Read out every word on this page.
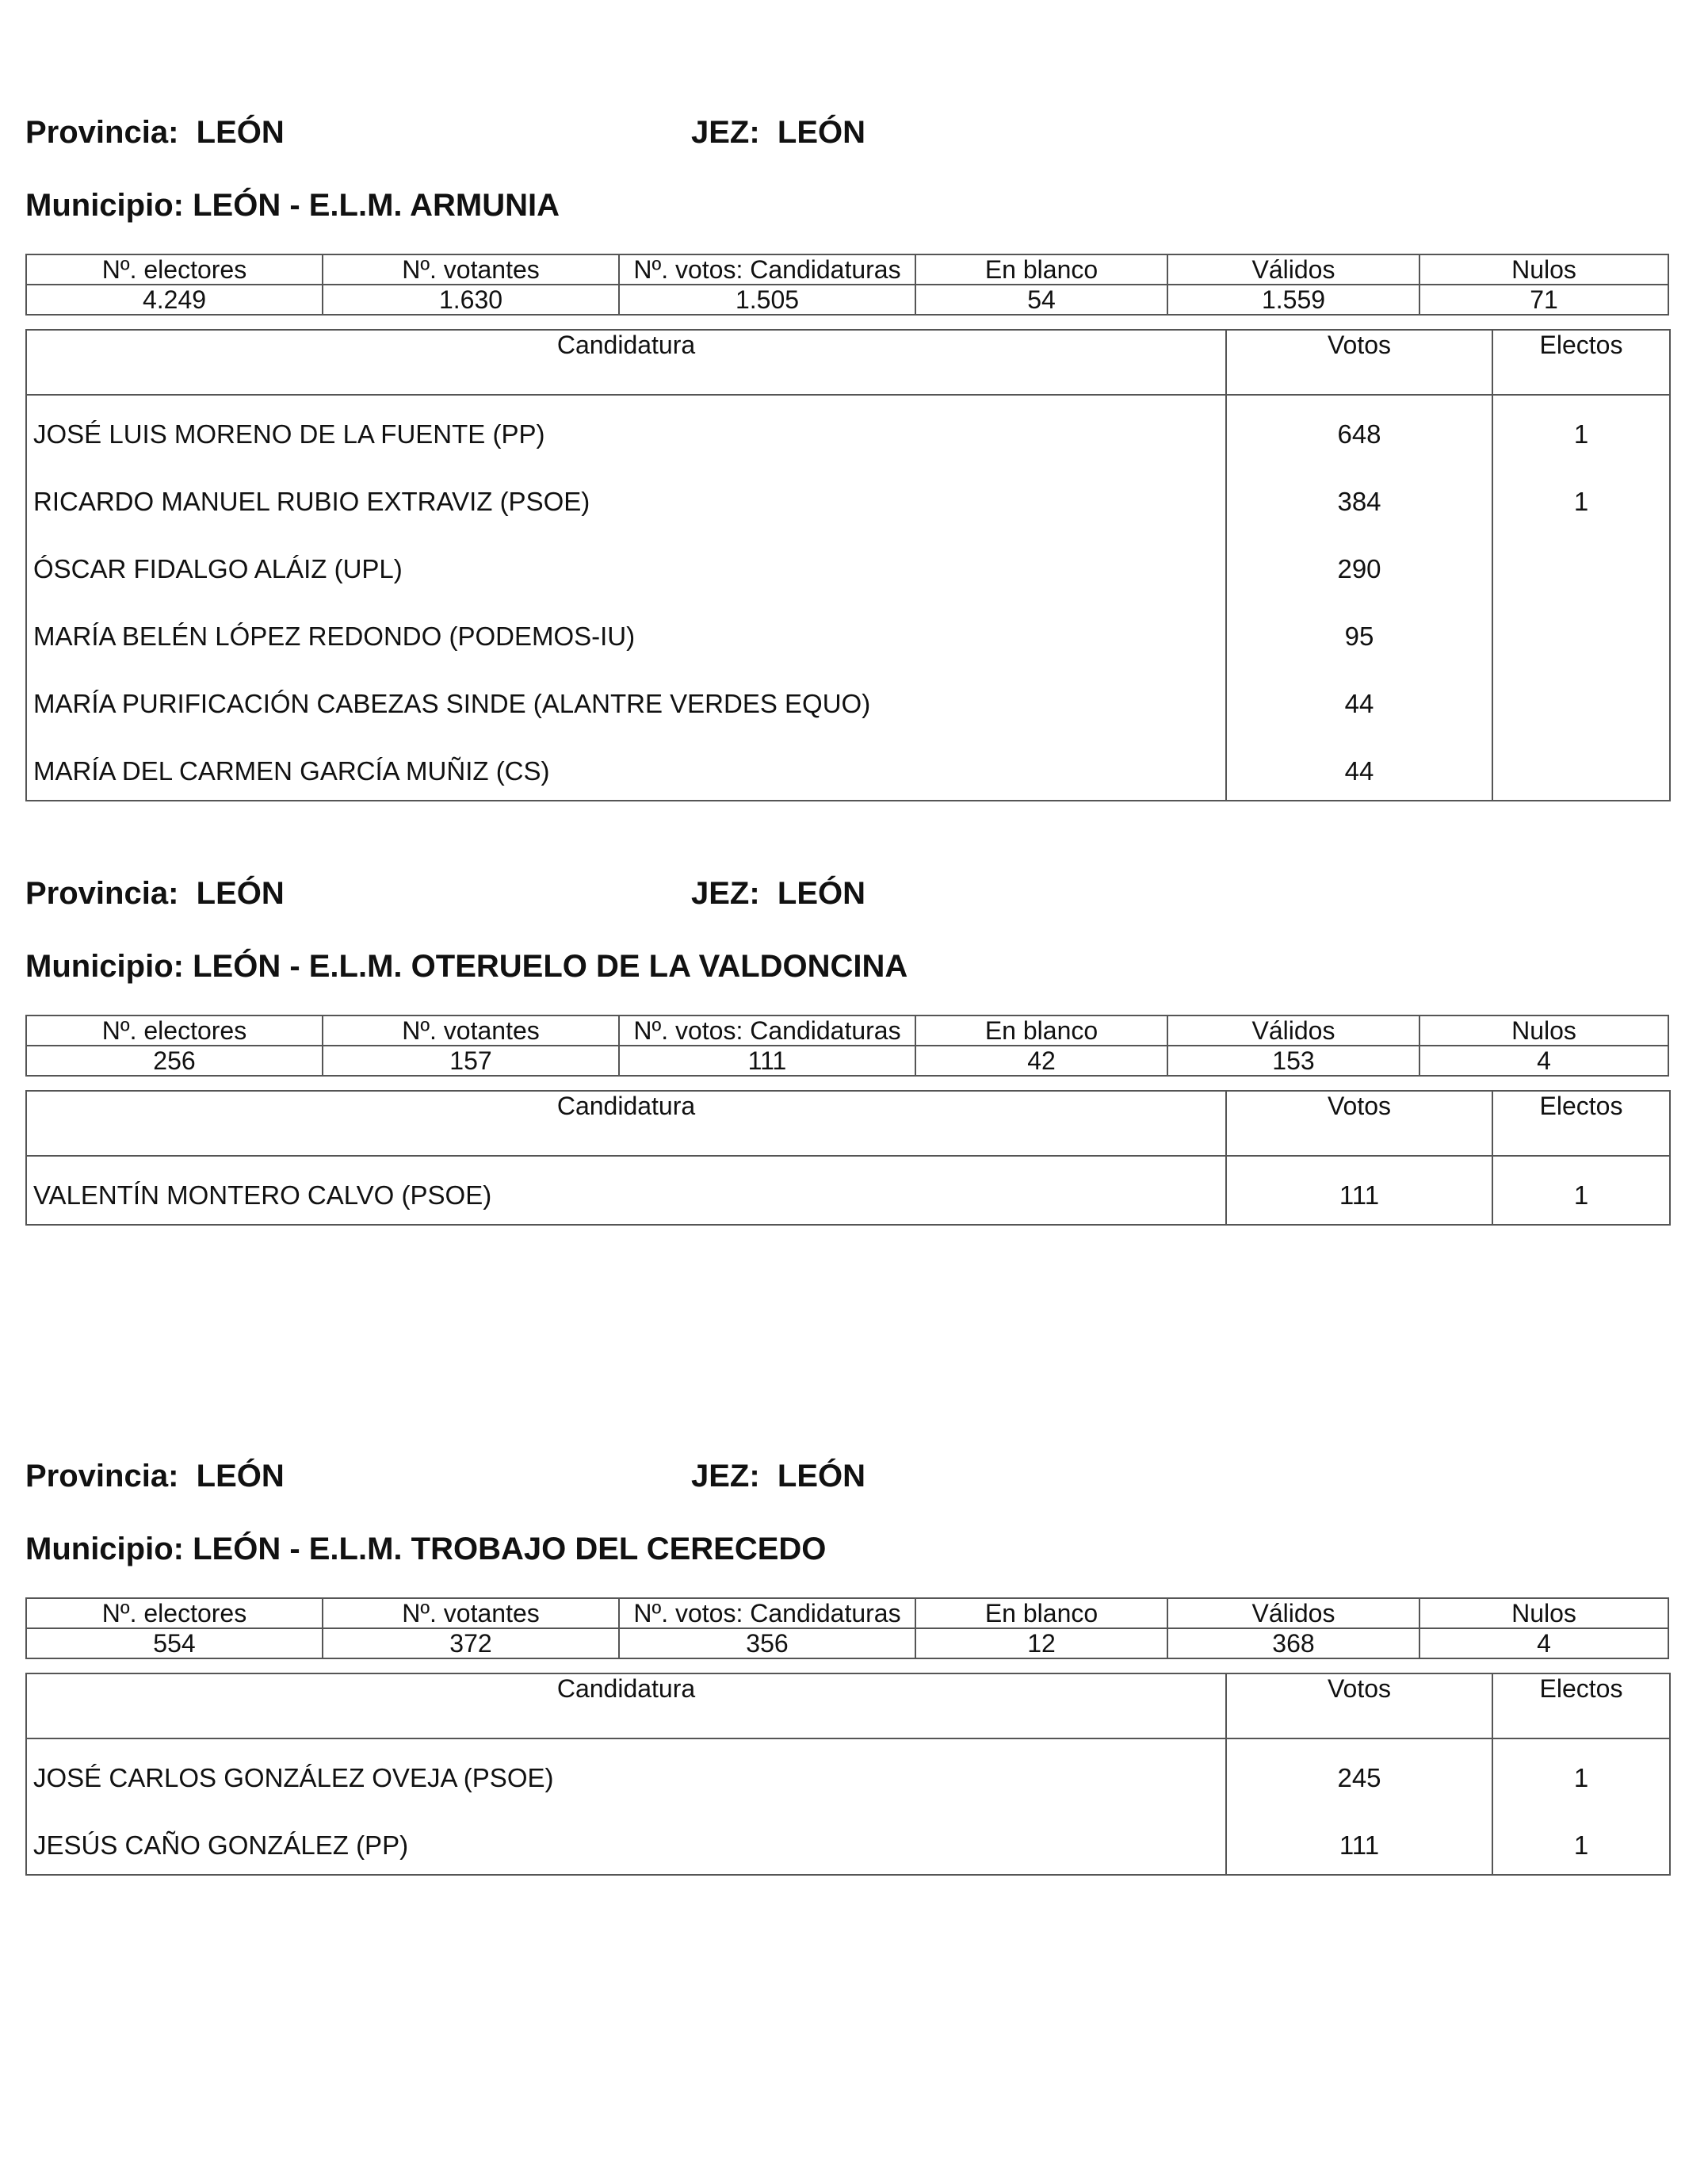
Provincia: LEÓN	JEZ: LEÓN
Municipio: LEÓN - E.L.M. ARMUNIA
Nº. electores	Nº. votantes	Nº. votos: Candidaturas	En blanco	Válidos	Nulos
4.249	1.630	1.505	54	1.559	71
Candidatura	Votos	Electos
JOSÉ LUIS MORENO DE LA FUENTE (PP)	648	1
RICARDO MANUEL RUBIO EXTRAVIZ (PSOE)	384	1
ÓSCAR FIDALGO ALÁIZ (UPL)	290
MARÍA BELÉN LÓPEZ REDONDO (PODEMOS-IU)	95
MARÍA PURIFICACIÓN CABEZAS SINDE (ALANTRE VERDES EQUO)	44
MARÍA DEL CARMEN GARCÍA MUÑIZ (CS)	44
Provincia: LEÓN	JEZ: LEÓN
Municipio: LEÓN - E.L.M. OTERUELO DE LA VALDONCINA
Nº. electores	Nº. votantes	Nº. votos: Candidaturas	En blanco	Válidos	Nulos
256	157	111	42	153	4
Candidatura	Votos	Electos
VALENTÍN MONTERO CALVO (PSOE)	111	1
Provincia: LEÓN	JEZ: LEÓN
Municipio: LEÓN - E.L.M. TROBAJO DEL CERECEDO
Nº. electores	Nº. votantes	Nº. votos: Candidaturas	En blanco	Válidos	Nulos
554	372	356	12	368	4
Candidatura	Votos	Electos
JOSÉ CARLOS GONZÁLEZ OVEJA (PSOE)	245	1
JESÚS CAÑO GONZÁLEZ (PP)	111	1
